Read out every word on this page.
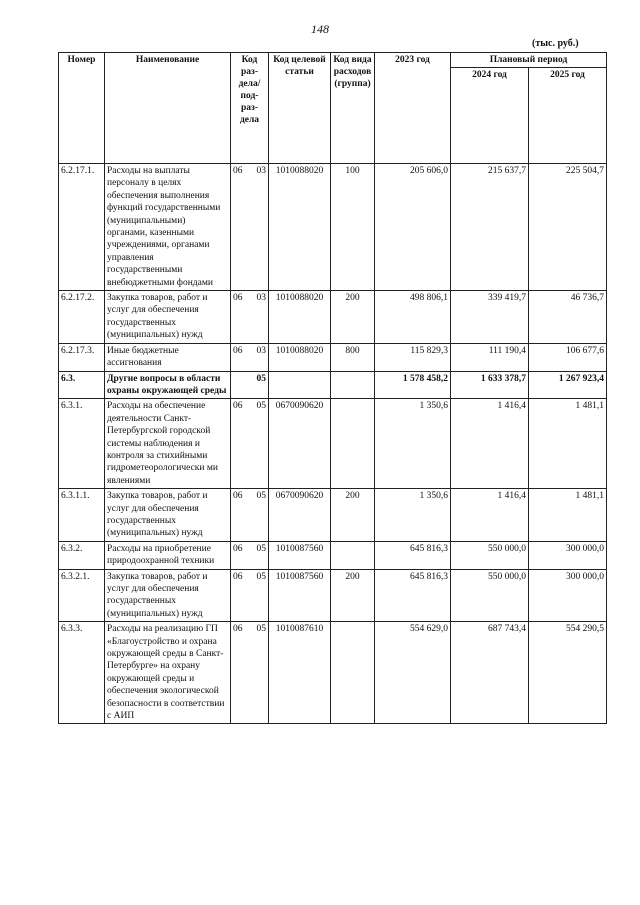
148
(тыс. руб.)
Номер	Наименование	Код раз-дела/ под-раз-дела	Код целевой статьи	Код вида расходов (группа)	2023 год	Плановый период	
						2024 год	2025 год
6.2.17.1.	Расходы на выплаты персоналу в целях обеспечения выполнения функций государственными (муниципальными) органами, казенными учреждениями, органами управления государственными внебюджетными фондами	06 03	1010088020	100	205 606,0	215 637,7	225 504,7
6.2.17.2.	Закупка товаров, работ и услуг для обеспечения государственных (муниципальных) нужд	06 03	1010088020	200	498 806,1	339 419,7	46 736,7
6.2.17.3.	Иные бюджетные ассигнования	06 03	1010088020	800	115 829,3	111 190,4	106 677,6
6.3.	Другие вопросы в области охраны окружающей среды	05			1 578 458,2	1 633 378,7	1 267 923,4
6.3.1.	Расходы на обеспечение деятельности Санкт-Петербургской городской системы наблюдения и контроля за стихийными гидрометеорологически ми явлениями	06 05	0670090620		1 350,6	1 416,4	1 481,1
6.3.1.1.	Закупка товаров, работ и услуг для обеспечения государственных (муниципальных) нужд	06 05	0670090620	200	1 350,6	1 416,4	1 481,1
6.3.2.	Расходы на приобретение природоохранной техники	06 05	1010087560		645 816,3	550 000,0	300 000,0
6.3.2.1.	Закупка товаров, работ и услуг для обеспечения государственных (муниципальных) нужд	06 05	1010087560	200	645 816,3	550 000,0	300 000,0
6.3.3.	Расходы на реализацию ГП «Благоустройство и охрана окружающей среды в Санкт-Петербурге» на охрану окружающей среды и обеспечения экологической безопасности в соответствии с АИП	06 05	1010087610		554 629,0	687 743,4	554 290,5
